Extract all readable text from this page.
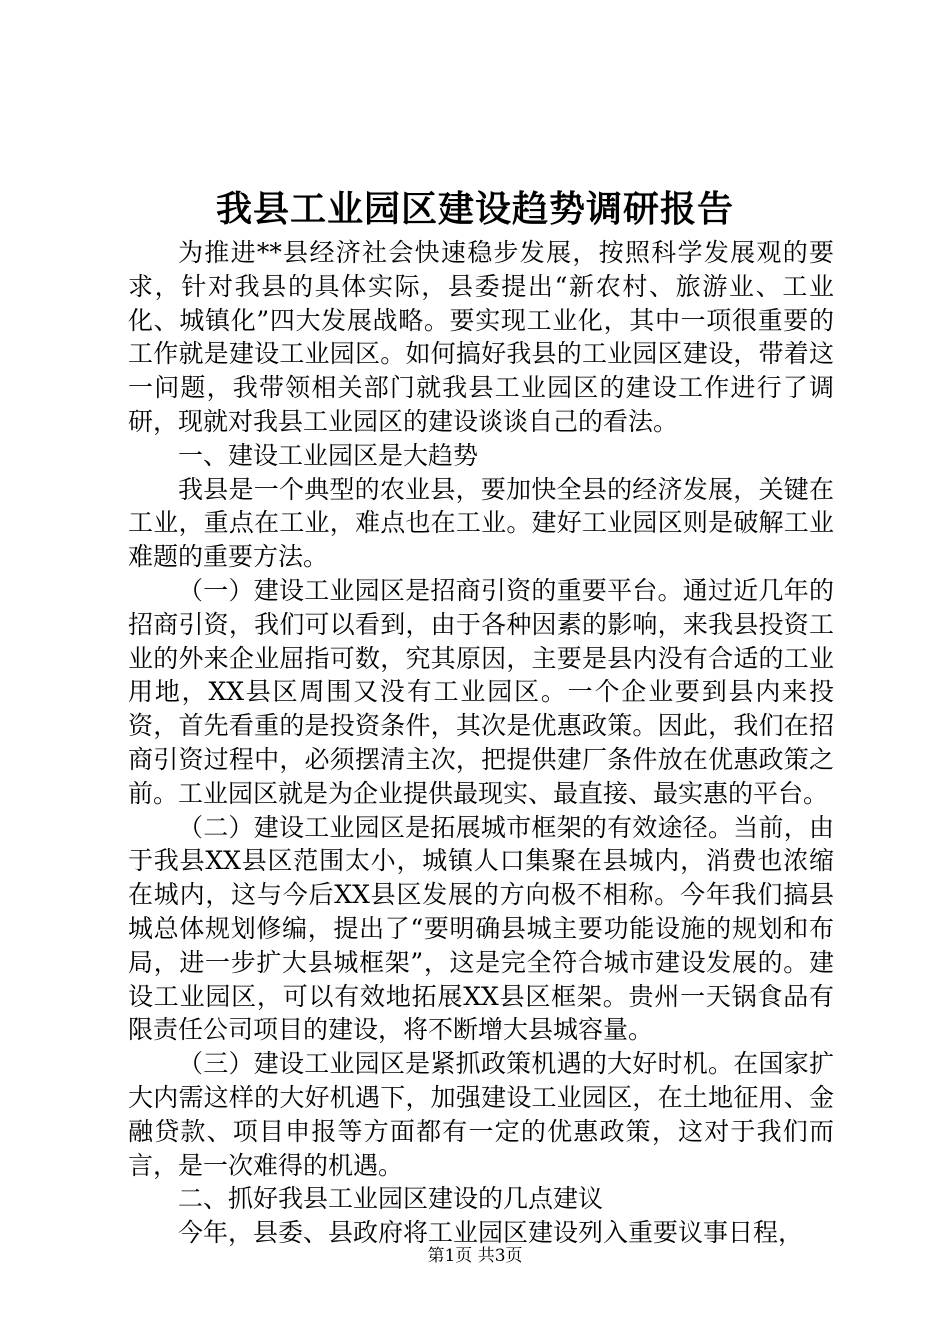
我县工业园区建设趋势调研报告

为推进**县经济社会快速稳步发展，按照科学发展观的要求，针对我县的具体实际，县委提出“新农村、旅游业、工业化、城镇化”四大发展战略。要实现工业化，其中一项很重要的工作就是建设工业园区。如何搞好我县的工业园区建设，带着这一问题，我带领相关部门就我县工业园区的建设工作进行了调研，现就对我县工业园区的建设谈谈自己的看法。

一、建设工业园区是大趋势

我县是一个典型的农业县，要加快全县的经济发展，关键在工业，重点在工业，难点也在工业。建好工业园区则是破解工业难题的重要方法。

（一）建设工业园区是招商引资的重要平台。通过近几年的招商引资，我们可以看到，由于各种因素的影响，来我县投资工业的外来企业屈指可数，究其原因，主要是县内没有合适的工业用地，XX县区周围又没有工业园区。一个企业要到县内来投资，首先看重的是投资条件，其次是优惠政策。因此，我们在招商引资过程中，必须摆清主次，把提供建厂条件放在优惠政策之前。工业园区就是为企业提供最现实、最直接、最实惠的平台。

（二）建设工业园区是拓展城市框架的有效途径。当前，由于我县XX县区范围太小，城镇人口集聚在县城内，消费也浓缩在城内，这与今后XX县区发展的方向极不相称。今年我们搞县城总体规划修编，提出了“要明确县城主要功能设施的规划和布局，进一步扩大县城框架”，这是完全符合城市建设发展的。建设工业园区，可以有效地拓展XX县区框架。贵州一天锅食品有限责任公司项目的建设，将不断增大县城容量。

（三）建设工业园区是紧抓政策机遇的大好时机。在国家扩大内需这样的大好机遇下，加强建设工业园区，在土地征用、金融贷款、项目申报等方面都有一定的优惠政策，这对于我们而言，是一次难得的机遇。

二、抓好我县工业园区建设的几点建议

今年，县委、县政府将工业园区建设列入重要议事日程，

第1页 共3页
